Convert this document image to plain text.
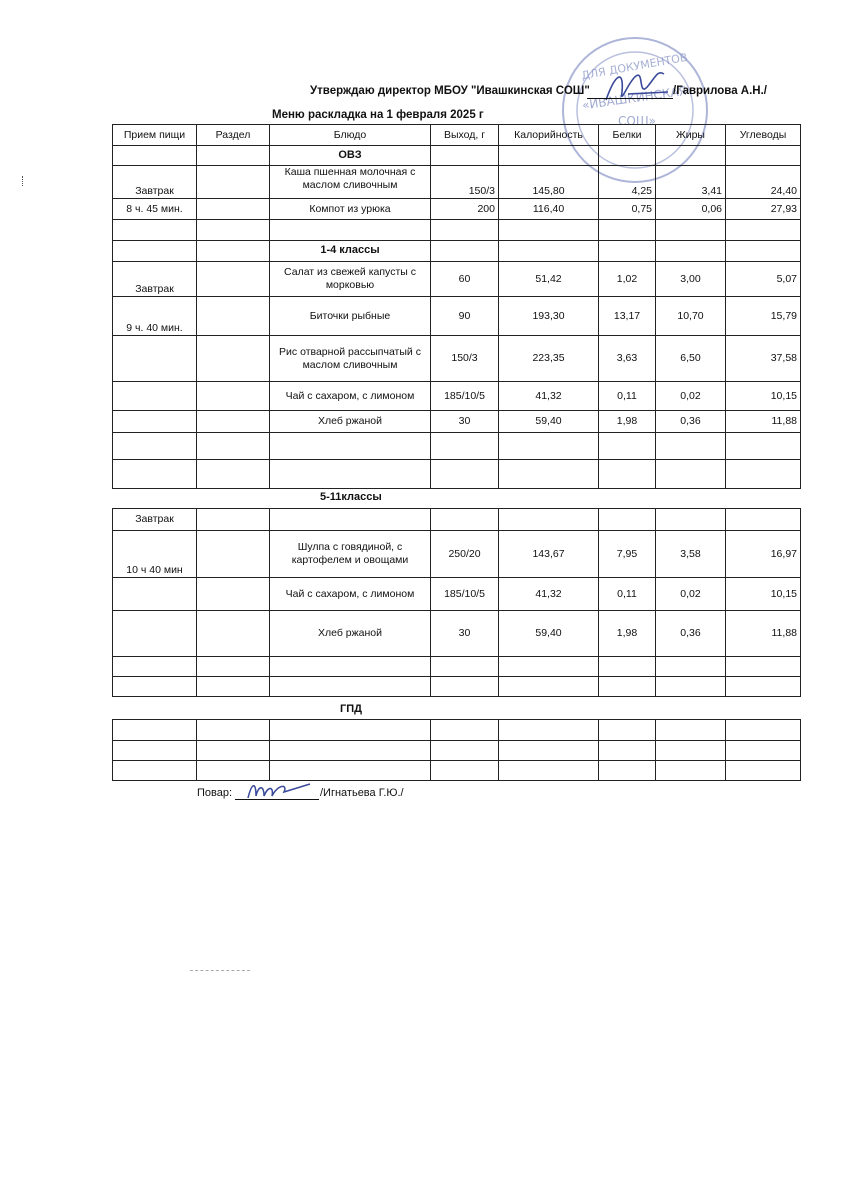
ДЛЯ ДОКУМЕНТОВ
«ИВАШКИНСКАЯ
СОШ»
Утверждаю директор МБОУ "Ивашкинская СОШ"	/Гаврилова А.Н./
Меню раскладка на 1 февраля 2025 г
Прием пищи	Раздел	Блюдо	Выход, г	Калорийность	Белки	Жиры	Углеводы
		ОВЗ					
Завтрак		Каша пшенная молочная с маслом сливочным	150/3	145,80	4,25	3,41	24,40
8 ч. 45 мин.		Компот из урюка	200	116,40	0,75	0,06	27,93

		1-4 классы					
Завтрак		Салат из свежей капусты с морковью	60	51,42	1,02	3,00	5,07
9 ч. 40 мин.		Биточки рыбные	90	193,30	13,17	10,70	15,79
		Рис отварной рассыпчатый с маслом сливочным	150/3	223,35	3,63	6,50	37,58
		Чай с сахаром, с лимоном	185/10/5	41,32	0,11	0,02	10,15
		Хлеб ржаной	30	59,40	1,98	0,36	11,88

5-11классы
Завтрак							
10 ч 40 мин		Шулпа с говядиной, с картофелем и овощами	250/20	143,67	7,95	3,58	16,97
		Чай с сахаром, с лимоном	185/10/5	41,32	0,11	0,02	10,15
		Хлеб ржаной	30	59,40	1,98	0,36	11,88

ГПД

Повар:	/Игнатьева Г.Ю./
